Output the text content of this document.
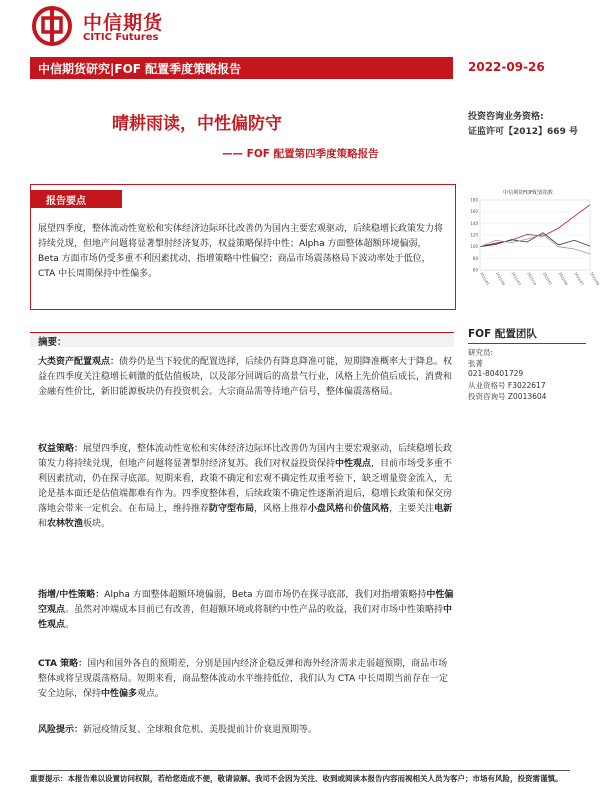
中信期货
CITIC Futures
中信期货研究|FOF 配置季度策略报告	2022-09-26
晴耕雨读，中性偏防守
—— FOF 配置第四季度策略报告
投资咨询业务资格:
证监许可【2012】669 号
报告要点
展望四季度，整体流动性宽松和实体经济边际环比改善仍为国内主要宏观驱动，后续稳增长政策发力将持续兑现，但地产问题将显著掣肘经济复苏，权益策略保持中性；Alpha 方面整体超额环境偏弱，Beta 方面市场仍受多重不利因素扰动，指增策略中性偏空；商品市场震荡格局下波动率处于低位，CTA 中长周期保持中性偏多。
中信期货FOF配置指数
180
160
140
120
100
80
60
2021/01 2021/04 2021/07 2021/10 2022/01 2022/04 2022/07 2022/09
FOF 配置团队
研究员:
张菁
021-80401729
从业资格号 F3022617
投资咨询号 Z0013604
摘要：
大类资产配置观点：债券仍是当下较优的配置选择，后续仍有降息降准可能，短期降准概率大于降息。权益在四季度关注稳增长刺激的低估值板块，以及部分回调后的高景气行业，风格上先价值后成长，消费和金融有性价比，新旧能源板块仍有投资机会。大宗商品需等待地产信号，整体偏震荡格局。
权益策略：展望四季度，整体流动性宽松和实体经济边际环比改善仍为国内主要宏观驱动，后续稳增长政策发力将持续兑现，但地产问题将显著掣肘经济复苏。我们对权益投资保持中性观点，目前市场受多重不利因素扰动，仍在探寻底部。短期来看，政策不确定和宏观不确定性双重考验下，缺乏增量资金流入，无论是基本面还是估值端都难有作为。四季度整体看，后续政策不确定性逐渐消退后，稳增长政策和保交房落地会带来一定机会。在布局上，维持推荐防守型布局，风格上推荐小盘风格和价值风格，主要关注电新和农林牧渔板块。
指增/中性策略：Alpha 方面整体超额环境偏弱，Beta 方面市场仍在探寻底部，我们对指增策略持中性偏空观点。虽然对冲端成本目前已有改善，但超额环境或将制约中性产品的收益，我们对市场中性策略持中性观点。
CTA 策略：国内和国外各自的预期差，分别是国内经济企稳反弹和海外经济需求走弱超预期，商品市场整体或将呈现震荡格局。短期来看，商品整体波动水平维持低位，我们认为 CTA 中长周期当前存在一定安全边际，保持中性偏多观点。
风险提示：新冠疫情反复、全球粮食危机、美股提前计价衰退预期等。
重要提示：本报告难以设置访问权限，若给您造成不便，敬请谅解。我司不会因为关注、收到或阅读本报告内容而视相关人员为客户；市场有风险，投资需谨慎。
